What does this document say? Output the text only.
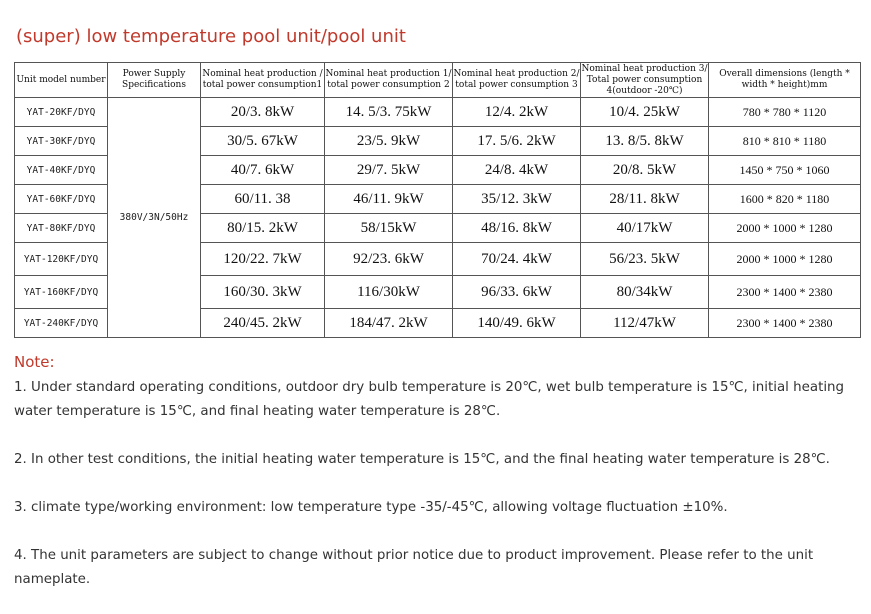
(super) low temperature pool unit/pool unit
Unit model number	Power Supply Specifications	Nominal heat production / total power consumption1	Nominal heat production 1/ total power consumption 2	Nominal heat production 2/ total power consumption 3	Nominal heat production 3/ Total power consumption 4(outdoor -20℃)	Overall dimensions (length * width * height)mm
YAT-20KF/DYQ	380V/3N/50Hz	20/3. 8kW	14. 5/3. 75kW	12/4. 2kW	10/4. 25kW	780 * 780 * 1120
YAT-30KF/DYQ		30/5. 67kW	23/5. 9kW	17. 5/6. 2kW	13. 8/5. 8kW	810 * 810 * 1180
YAT-40KF/DYQ		40/7. 6kW	29/7. 5kW	24/8. 4kW	20/8. 5kW	1450 * 750 * 1060
YAT-60KF/DYQ		60/11. 38	46/11. 9kW	35/12. 3kW	28/11. 8kW	1600 * 820 * 1180
YAT-80KF/DYQ		80/15. 2kW	58/15kW	48/16. 8kW	40/17kW	2000 * 1000 * 1280
YAT-120KF/DYQ		120/22. 7kW	92/23. 6kW	70/24. 4kW	56/23. 5kW	2000 * 1000 * 1280
YAT-160KF/DYQ		160/30. 3kW	116/30kW	96/33. 6kW	80/34kW	2300 * 1400 * 2380
YAT-240KF/DYQ		240/45. 2kW	184/47. 2kW	140/49. 6kW	112/47kW	2300 * 1400 * 2380
Note:
1. Under standard operating conditions, outdoor dry bulb temperature is 20℃, wet bulb temperature is 15℃, initial heating water temperature is 15℃, and final heating water temperature is 28℃.
2. In other test conditions, the initial heating water temperature is 15℃, and the final heating water temperature is 28℃.
3. climate type/working environment: low temperature type -35/-45℃, allowing voltage fluctuation ±10%.
4. The unit parameters are subject to change without prior notice due to product improvement. Please refer to the unit nameplate.
